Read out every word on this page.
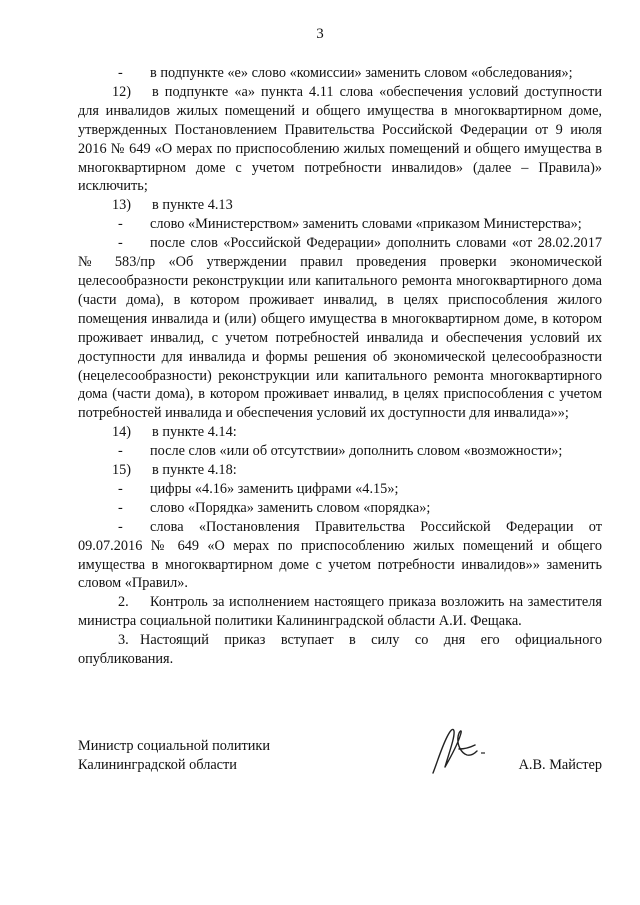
3

- в подпункте «е» слово «комиссии» заменить словом «обследования»;

12) в подпункте «а» пункта 4.11 слова «обеспечения условий доступности для инвалидов жилых помещений и общего имущества в многоквартирном доме, утвержденных Постановлением Правительства Российской Федерации от 9 июля 2016 № 649 «О мерах по приспособлению жилых помещений и общего имущества в многоквартирном доме с учетом потребности инвалидов» (далее – Правила)» исключить;

13) в пункте 4.13

- слово «Министерством» заменить словами «приказом Министерства»;

- после слов «Российской Федерации» дополнить словами «от 28.02.2017 № 583/пр «Об утверждении правил проведения проверки экономической целесообразности реконструкции или капитального ремонта многоквартирного дома (части дома), в котором проживает инвалид, в целях приспособления жилого помещения инвалида и (или) общего имущества в многоквартирном доме, в котором проживает инвалид, с учетом потребностей инвалида и обеспечения условий их доступности для инвалида и формы решения об экономической целесообразности (нецелесообразности) реконструкции или капитального ремонта многоквартирного дома (части дома), в котором проживает инвалид, в целях приспособления с учетом потребностей инвалида и обеспечения условий их доступности для инвалида»»;

14) в пункте 4.14:

- после слов «или об отсутствии» дополнить словом «возможности»;

15) в пункте 4.18:

- цифры «4.16» заменить цифрами «4.15»;

- слово «Порядка» заменить словом «порядка»;

- слова «Постановления Правительства Российской Федерации от 09.07.2016 № 649 «О мерах по приспособлению жилых помещений и общего имущества в многоквартирном доме с учетом потребности инвалидов»» заменить словом «Правил».

2. Контроль за исполнением настоящего приказа возложить на заместителя министра социальной политики Калининградской области А.И. Фещака.

3. Настоящий приказ вступает в силу со дня его официального опубликования.

Министр социальной политики
Калининградской области	А.В. Майстер
